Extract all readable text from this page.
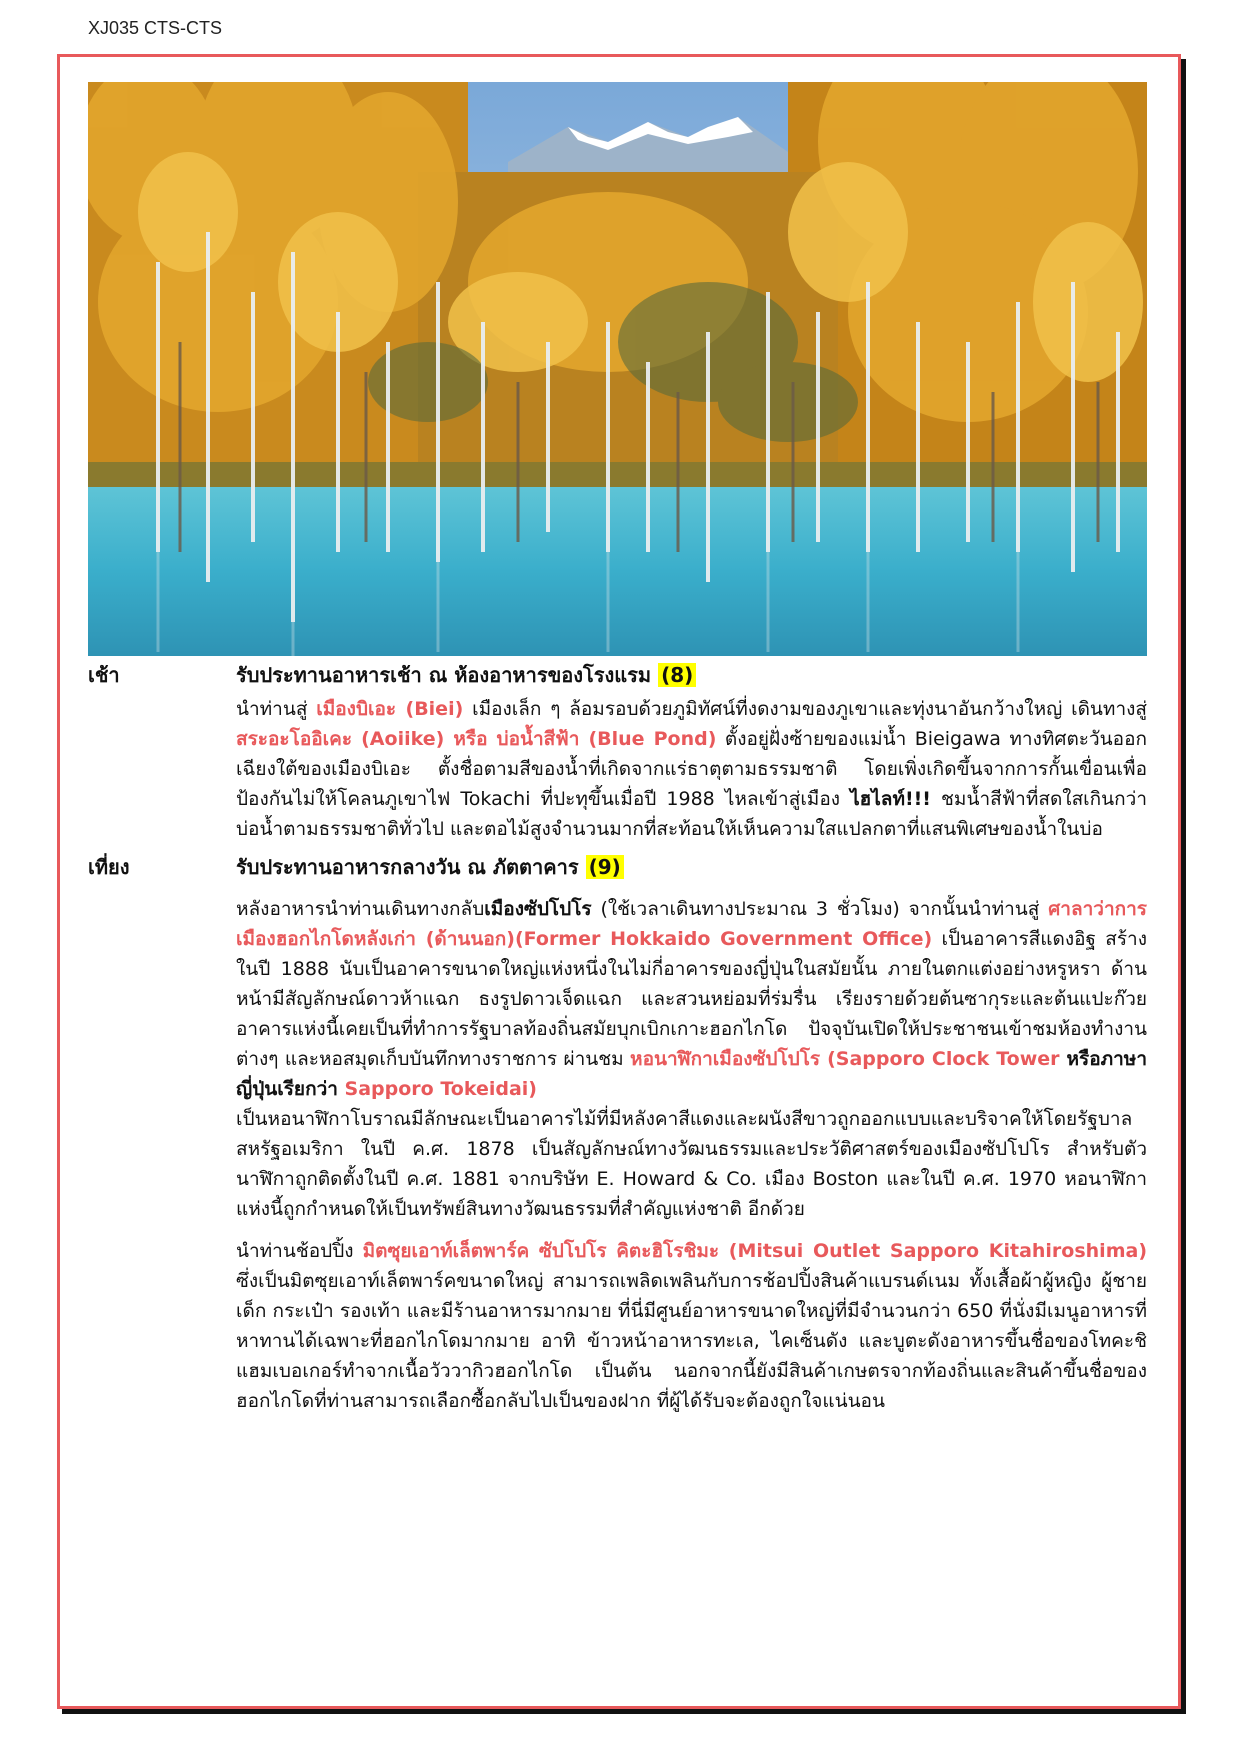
XJ035 CTS-CTS
เช้า	รับประทานอาหารเช้า ณ ห้องอาหารของโรงแรม (8)

นำท่านสู่ เมืองบิเอะ (Biei) เมืองเล็ก ๆ ล้อมรอบด้วยภูมิทัศน์ที่งดงามของภูเขาและทุ่งนาอันกว้างใหญ่ เดินทางสู่ สระอะโออิเคะ (Aoiike) หรือ บ่อน้ำสีฟ้า (Blue Pond) ตั้งอยู่ฝั่งซ้ายของแม่น้ำ Bieigawa ทางทิศตะวันออกเฉียงใต้ของเมืองบิเอะ ตั้งชื่อตามสีของน้ำที่เกิดจากแร่ธาตุตามธรรมชาติ โดยเพิ่งเกิดขึ้นจากการกั้นเขื่อนเพื่อป้องกันไม่ให้โคลนภูเขาไฟ Tokachi ที่ปะทุขึ้นเมื่อปี 1988 ไหลเข้าสู่เมือง ไฮไลท์!!! ชมน้ำสีฟ้าที่สดใสเกินกว่าบ่อน้ำตามธรรมชาติทั่วไป และตอไม้สูงจำนวนมากที่สะท้อนให้เห็นความใสแปลกตาที่แสนพิเศษของน้ำในบ่อ

เที่ยง	รับประทานอาหารกลางวัน ณ ภัตตาคาร (9)

หลังอาหารนำท่านเดินทางกลับเมืองซัปโปโร (ใช้เวลาเดินทางประมาณ 3 ชั่วโมง) จากนั้นนำท่านสู่ ศาลาว่าการเมืองฮอกไกโดหลังเก่า (ด้านนอก)(Former Hokkaido Government Office) เป็นอาคารสีแดงอิฐ สร้างในปี 1888 นับเป็นอาคารขนาดใหญ่แห่งหนึ่งในไม่กี่อาคารของญี่ปุ่นในสมัยนั้น ภายในตกแต่งอย่างหรูหรา ด้านหน้ามีสัญลักษณ์ดาวห้าแฉก ธงรูปดาวเจ็ดแฉก และสวนหย่อมที่ร่มรื่น เรียงรายด้วยต้นซากุระและต้นแปะก๊วย อาคารแห่งนี้เคยเป็นที่ทำการรัฐบาลท้องถิ่นสมัยบุกเบิกเกาะฮอกไกโด ปัจจุบันเปิดให้ประชาชนเข้าชมห้องทำงานต่างๆ และหอสมุดเก็บบันทึกทางราชการ ผ่านชม หอนาฬิกาเมืองซัปโปโร (Sapporo Clock Tower หรือภาษาญี่ปุ่นเรียกว่า Sapporo Tokeidai)

เป็นหอนาฬิกาโบราณมีลักษณะเป็นอาคารไม้ที่มีหลังคาสีแดงและผนังสีขาวถูกออกแบบและบริจาคให้โดยรัฐบาลสหรัฐอเมริกา ในปี ค.ศ. 1878 เป็นสัญลักษณ์ทางวัฒนธรรมและประวัติศาสตร์ของเมืองซัปโปโร สำหรับตัวนาฬิกาถูกติดตั้งในปี ค.ศ. 1881 จากบริษัท E. Howard & Co. เมือง Boston และในปี ค.ศ. 1970 หอนาฬิกาแห่งนี้ถูกกำหนดให้เป็นทรัพย์สินทางวัฒนธรรมที่สำคัญแห่งชาติ อีกด้วย

นำท่านช้อปปิ้ง มิตซุยเอาท์เล็ตพาร์ค ซัปโปโร คิตะฮิโรชิมะ (Mitsui Outlet Sapporo Kitahiroshima) ซึ่งเป็นมิตซุยเอาท์เล็ตพาร์คขนาดใหญ่ สามารถเพลิดเพลินกับการช้อปปิ้งสินค้าแบรนด์เนม ทั้งเสื้อผ้าผู้หญิง ผู้ชาย เด็ก กระเป๋า รองเท้า และมีร้านอาหารมากมาย ที่นี่มีศูนย์อาหารขนาดใหญ่ที่มีจำนวนกว่า 650 ที่นั่งมีเมนูอาหารที่หาทานได้เฉพาะที่ฮอกไกโดมากมาย อาทิ ข้าวหน้าอาหารทะเล, ไคเซ็นดัง และบูตะดังอาหารขึ้นชื่อของโทคะชิ แฮมเบอเกอร์ทำจากเนื้อวัววากิวฮอกไกโด เป็นต้น นอกจากนี้ยังมีสินค้าเกษตรจากท้องถิ่นและสินค้าขึ้นชื่อของฮอกไกโดที่ท่านสามารถเลือกซื้อกลับไปเป็นของฝาก ที่ผู้ได้รับจะต้องถูกใจแน่นอน
